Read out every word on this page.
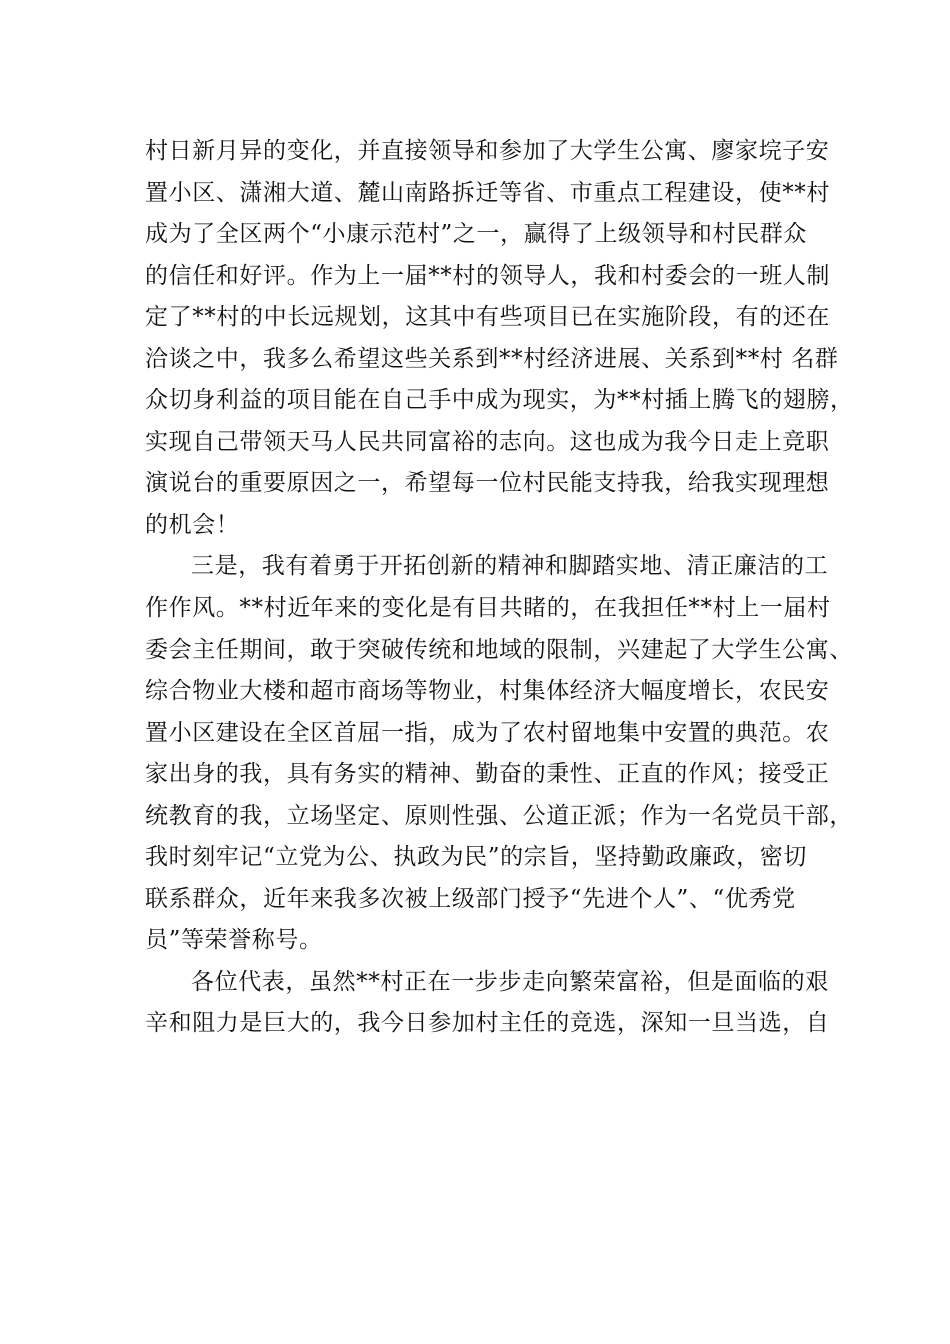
村日新月异的变化，并直接领导和参加了大学生公寓、廖家垸子安
置小区、潇湘大道、麓山南路拆迁等省、市重点工程建设，使**村
成为了全区两个“小康示范村”之一，赢得了上级领导和村民群众
的信任和好评。作为上一届**村的领导人，我和村委会的一班人制
定了**村的中长远规划，这其中有些项目已在实施阶段，有的还在
洽谈之中，我多么希望这些关系到**村经济进展、关系到**村 名群
众切身利益的项目能在自己手中成为现实，为**村插上腾飞的翅膀，
实现自己带领天马人民共同富裕的志向。这也成为我今日走上竞职
演说台的重要原因之一，希望每一位村民能支持我，给我实现理想
的机会！
三是，我有着勇于开拓创新的精神和脚踏实地、清正廉洁的工
作作风。**村近年来的变化是有目共睹的，在我担任**村上一届村
委会主任期间，敢于突破传统和地域的限制，兴建起了大学生公寓、
综合物业大楼和超市商场等物业，村集体经济大幅度增长，农民安
置小区建设在全区首屈一指，成为了农村留地集中安置的典范。农
家出身的我，具有务实的精神、勤奋的秉性、正直的作风；接受正
统教育的我，立场坚定、原则性强、公道正派；作为一名党员干部，
我时刻牢记“立党为公、执政为民”的宗旨，坚持勤政廉政，密切
联系群众，近年来我多次被上级部门授予“先进个人”、“优秀党
员”等荣誉称号。
各位代表，虽然**村正在一步步走向繁荣富裕，但是面临的艰
辛和阻力是巨大的，我今日参加村主任的竞选，深知一旦当选，自
